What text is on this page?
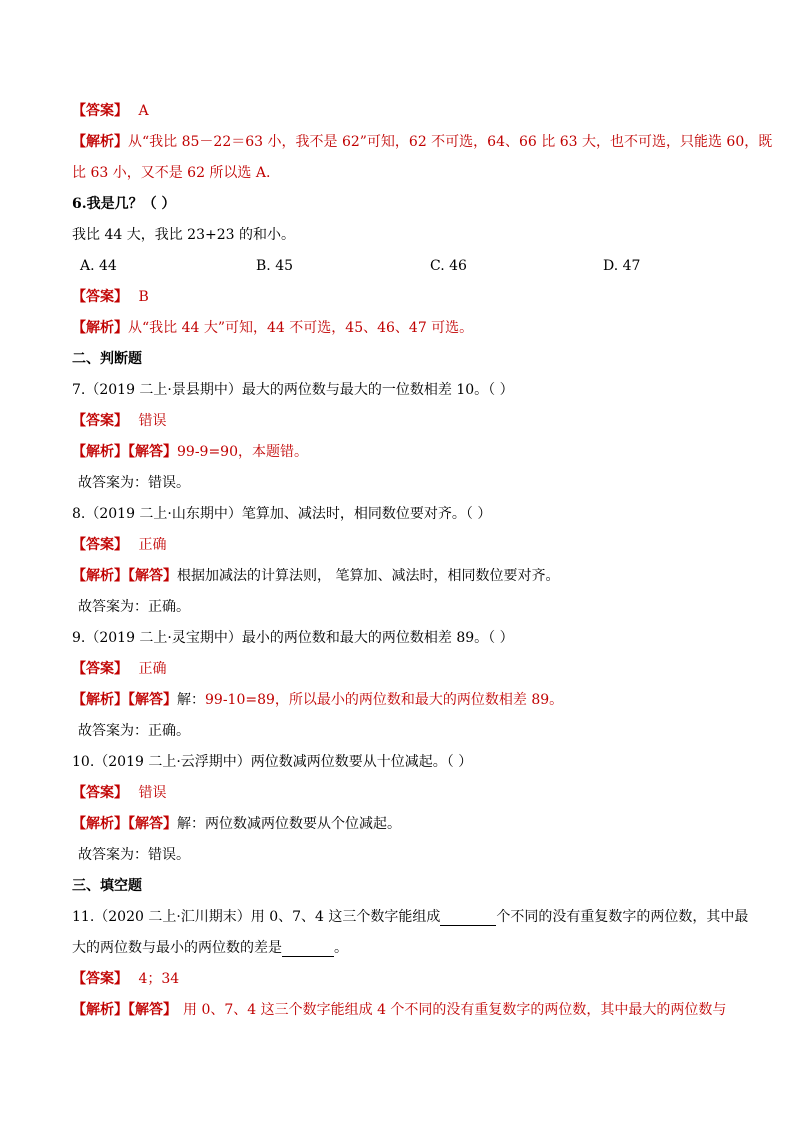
【答案】 A
【解析】从“我比 85－22＝63 小，我不是 62”可知，62 不可选，64、66 比 63 大，也不可选，只能选 60，既
比 63 小，又不是 62 所以选 A.
6.我是几？（ ）
我比 44 大，我比 23+23 的和小。
A. 44	B. 45	C. 46	D. 47
【答案】 B
【解析】从“我比 44 大”可知，44 不可选，45、46、47 可选。
二、判断题
7.（2019 二上·景县期中）最大的两位数与最大的一位数相差 10。（ ）
【答案】 错误
【解析】【解答】99-9=90，本题错。
故答案为：错误。
8.（2019 二上·山东期中）笔算加、减法时，相同数位要对齐。（ ）
【答案】 正确
【解析】【解答】根据加减法的计算法则， 笔算加、减法时，相同数位要对齐。
故答案为：正确。
9.（2019 二上·灵宝期中）最小的两位数和最大的两位数相差 89。（ ）
【答案】 正确
【解析】【解答】解：99-10=89，所以最小的两位数和最大的两位数相差 89。
故答案为：正确。
10.（2019 二上·云浮期中）两位数减两位数要从十位减起。（ ）
【答案】 错误
【解析】【解答】解：两位数减两位数要从个位减起。
故答案为：错误。
三、填空题
11.（2020 二上·汇川期末）用 0、7、4 这三个数字能组成	个不同的没有重复数字的两位数，其中最
大的两位数与最小的两位数的差是	。
【答案】 4；34
【解析】【解答】 用 0、7、4 这三个数字能组成 4 个不同的没有重复数字的两位数，其中最大的两位数与
